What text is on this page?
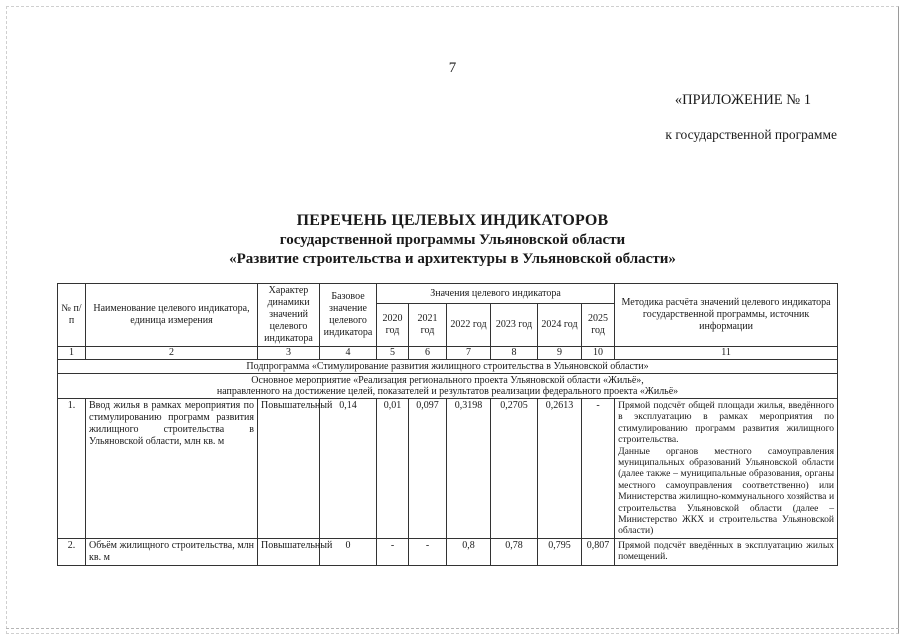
7
«ПРИЛОЖЕНИЕ № 1
к государственной программе
ПЕРЕЧЕНЬ ЦЕЛЕВЫХ ИНДИКАТОРОВ
государственной программы Ульяновской области
«Развитие строительства и архитектуры в Ульяновской области»
№ п/п	Наименование целевого индикатора, единица измерения	Характер динамики значений целевого индикатора	Базовое значение целевого индикатора	Значения целевого индикатора						Методика расчёта значений целевого индикатора государственной программы, источник информации
				2020 год	2021 год	2022 год	2023 год	2024 год	2025 год	
1	2	3	4	5	6	7	8	9	10	11
Подпрограмма «Стимулирование развития жилищного строительства в Ульяновской области»										

Основное мероприятие «Реализация регионального проекта Ульяновской области «Жильё»,
направленного на достижение целей, показателей и результатов реализации федерального проекта «Жильё»										

1.	Ввод жилья в рамках мероприятия по стимулированию программ развития жилищного строительства в Ульяновской области, млн кв. м	Повышательный	0,14	0,01	0,097	0,3198	0,2705	0,2613	-	Прямой подсчёт общей площади жилья, введённого в эксплуатацию в рамках мероприятия по стимулированию программ развития жилищного строительства.
Данные органов местного самоуправления муниципальных образований Ульяновской области (далее также – муниципальные образования, органы местного самоуправления соответственно) или Министерства жилищно-коммунального хозяйства и строительства Ульяновской области (далее – Министерство ЖКХ и строительства Ульяновской области)

2.	Объём жилищного строительства, млн кв. м	Повышательный	0	-	-	0,8	0,78	0,795	0,807	Прямой подсчёт введённых в эксплуатацию жилых помещений.
